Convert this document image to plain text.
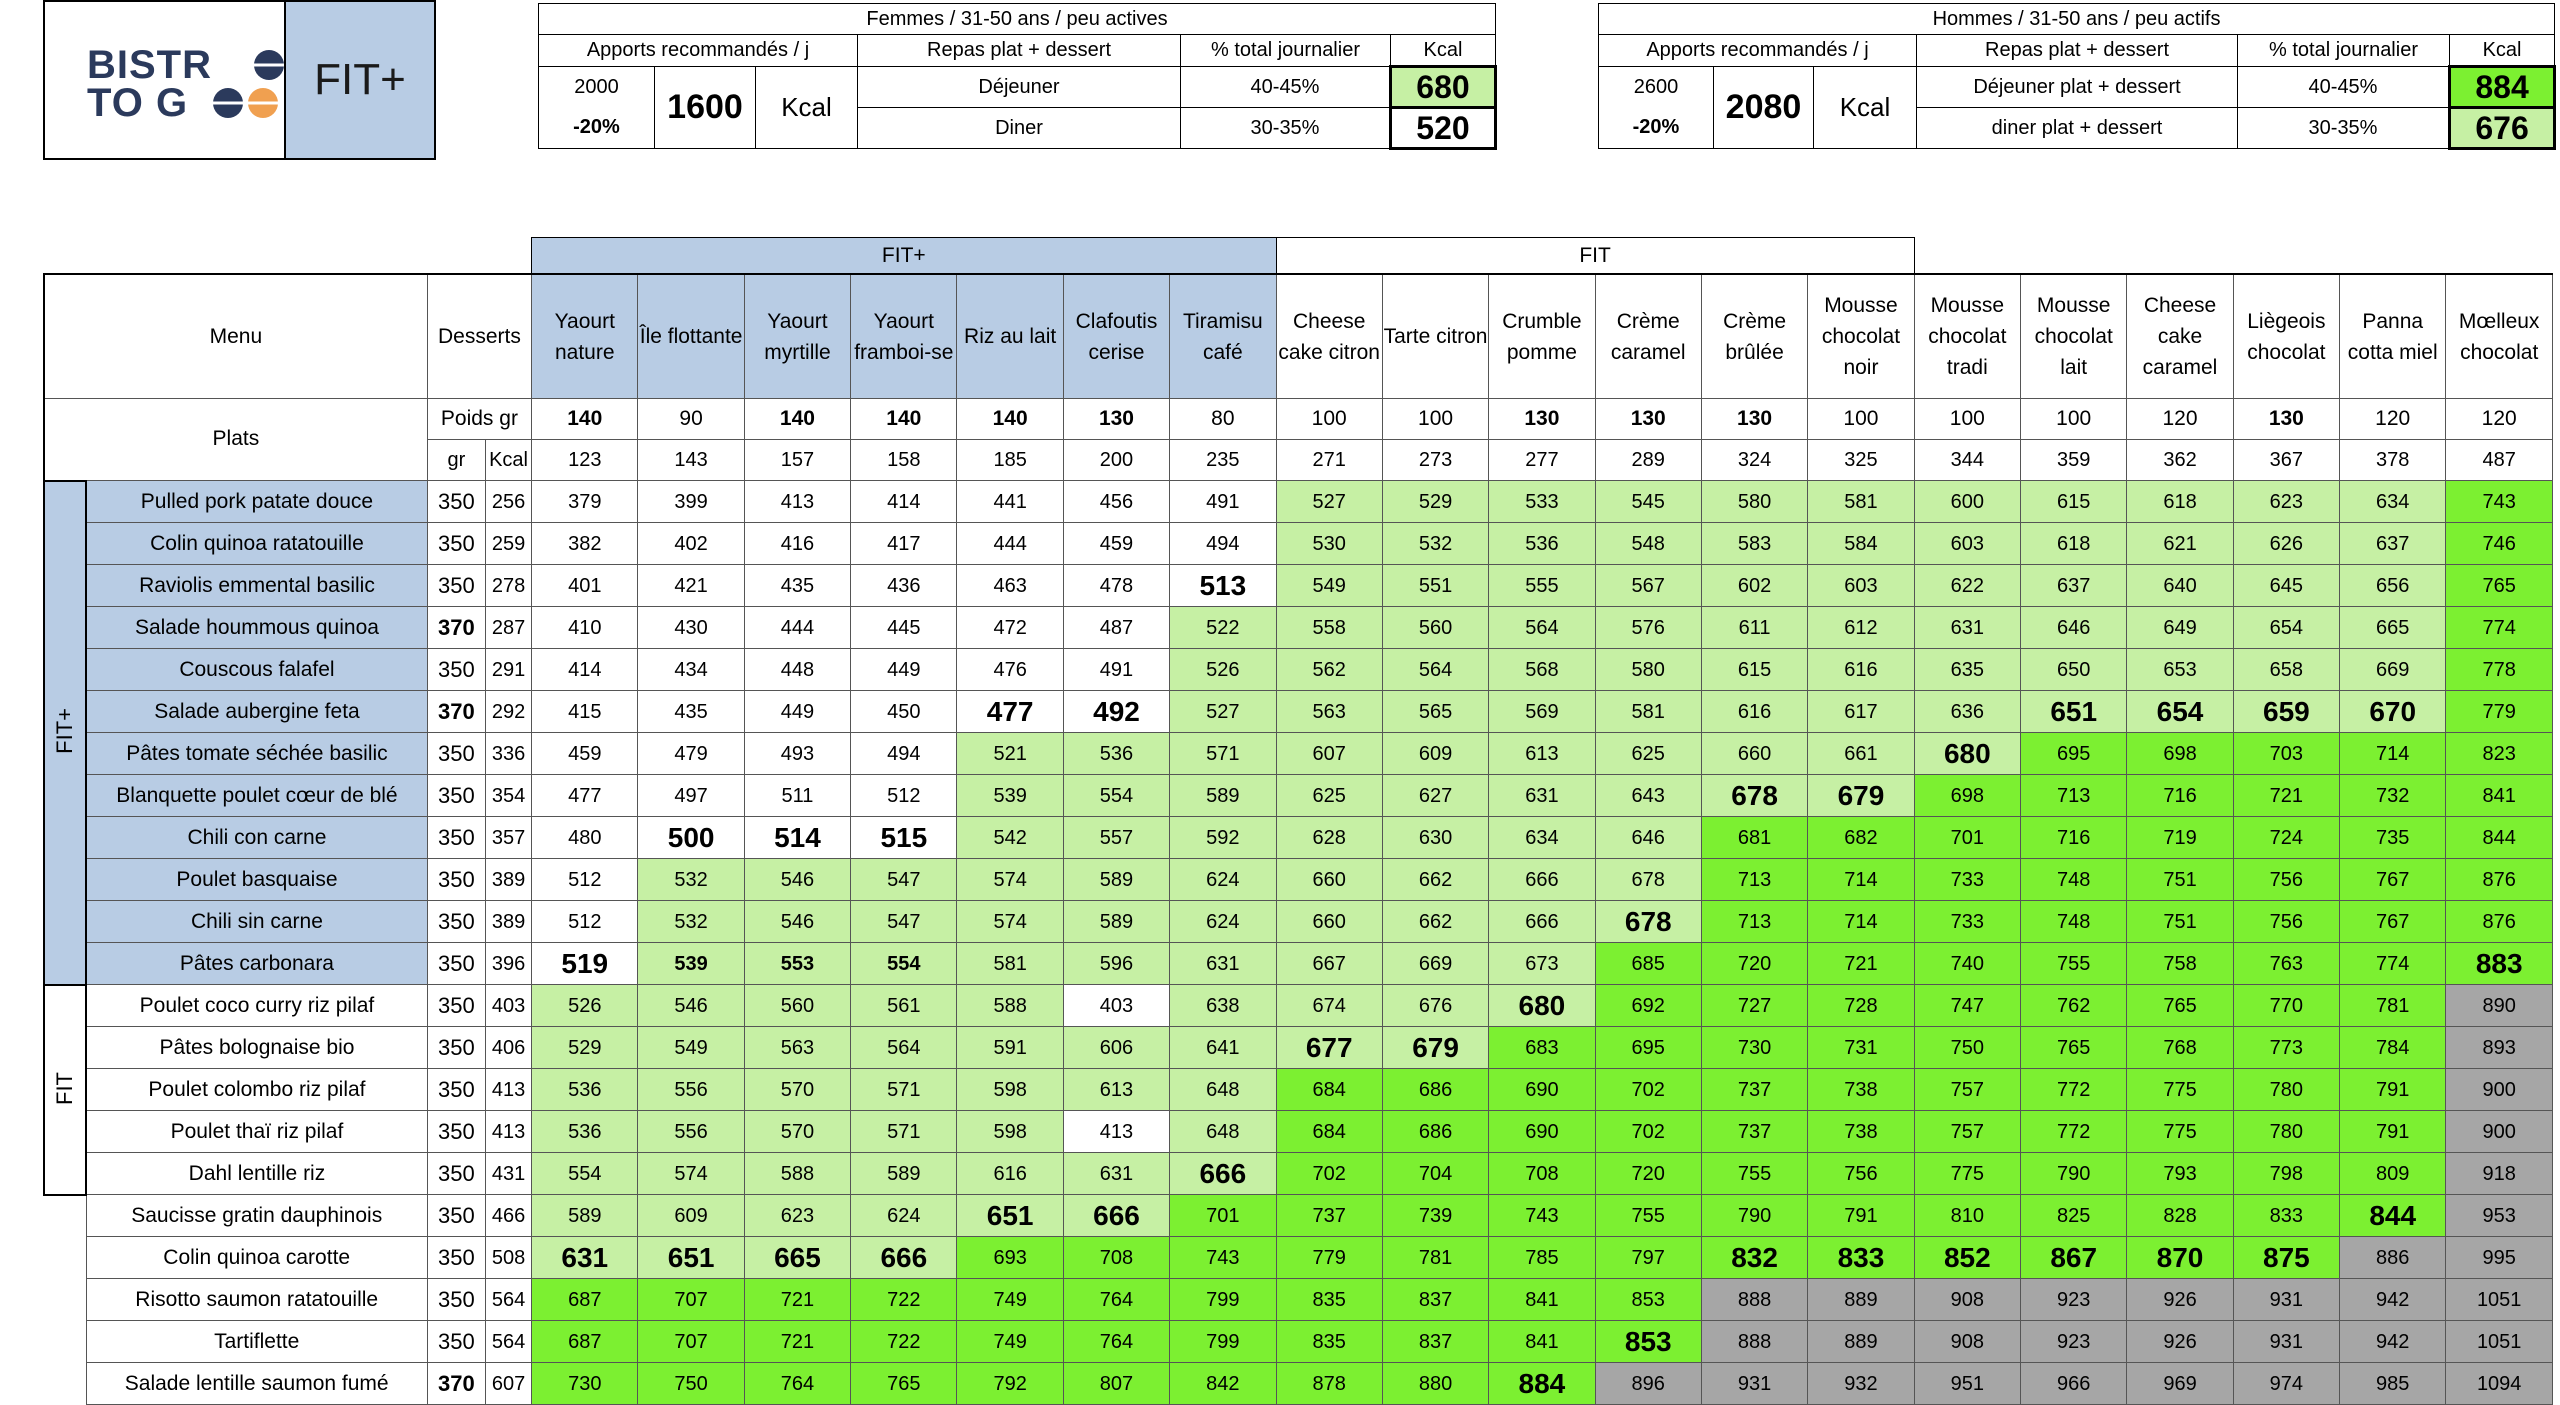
BISTR
TO G	FIT+
Femmes / 31-50 ans / peu actives					
Apports recommandés / j			Repas plat + dessert	% total journalier	Kcal
2000	1600	Kcal	Déjeuner	40-45%	680
-20%			Diner	30-35%	520
Hommes / 31-50 ans / peu actifs					
Apports recommandés / j			Repas plat + dessert	% total journalier	Kcal
2600	2080	Kcal	Déjeuner plat + dessert	40-45%	884
-20%			diner plat + dessert	30-35%	676
				FIT+							FIT											
Menu		Desserts		Yaourt nature	Île flottante	Yaourt myrtille	Yaourt framboi-se	Riz au lait	Clafoutis cerise	Tiramisu café	Cheese cake citron	Tarte citron	Crumble pomme	Crème caramel	Crème brûlée	Mousse chocolat noir	Mousse chocolat tradi	Mousse chocolat lait	Cheese cake caramel	Liègeois chocolat	Panna cotta miel	Mœlleux chocolat
Plats		Poids gr		140	90	140	140	140	130	80	100	100	130	130	130	100	100	100	120	130	120	120
		gr	Kcal	123	143	157	158	185	200	235	271	273	277	289	324	325	344	359	362	367	378	487
FIT+	Pulled pork patate douce	350	256	379	399	413	414	441	456	491	527	529	533	545	580	581	600	615	618	623	634	743
	Colin quinoa ratatouille	350	259	382	402	416	417	444	459	494	530	532	536	548	583	584	603	618	621	626	637	746
	Raviolis emmental basilic	350	278	401	421	435	436	463	478	513	549	551	555	567	602	603	622	637	640	645	656	765
	Salade hoummous quinoa	370	287	410	430	444	445	472	487	522	558	560	564	576	611	612	631	646	649	654	665	774
	Couscous falafel	350	291	414	434	448	449	476	491	526	562	564	568	580	615	616	635	650	653	658	669	778
	Salade aubergine feta	370	292	415	435	449	450	477	492	527	563	565	569	581	616	617	636	651	654	659	670	779
	Pâtes tomate séchée basilic	350	336	459	479	493	494	521	536	571	607	609	613	625	660	661	680	695	698	703	714	823
	Blanquette poulet cœur de blé	350	354	477	497	511	512	539	554	589	625	627	631	643	678	679	698	713	716	721	732	841
	Chili con carne	350	357	480	500	514	515	542	557	592	628	630	634	646	681	682	701	716	719	724	735	844
	Poulet basquaise	350	389	512	532	546	547	574	589	624	660	662	666	678	713	714	733	748	751	756	767	876
	Chili sin carne	350	389	512	532	546	547	574	589	624	660	662	666	678	713	714	733	748	751	756	767	876
	Pâtes carbonara	350	396	519	539	553	554	581	596	631	667	669	673	685	720	721	740	755	758	763	774	883
FIT	Poulet coco curry riz pilaf	350	403	526	546	560	561	588	403	638	674	676	680	692	727	728	747	762	765	770	781	890
	Pâtes bolognaise bio	350	406	529	549	563	564	591	606	641	677	679	683	695	730	731	750	765	768	773	784	893
	Poulet colombo riz pilaf	350	413	536	556	570	571	598	613	648	684	686	690	702	737	738	757	772	775	780	791	900
	Poulet thaï riz pilaf	350	413	536	556	570	571	598	413	648	684	686	690	702	737	738	757	772	775	780	791	900
	Dahl lentille riz	350	431	554	574	588	589	616	631	666	702	704	708	720	755	756	775	790	793	798	809	918
	Saucisse gratin dauphinois	350	466	589	609	623	624	651	666	701	737	739	743	755	790	791	810	825	828	833	844	953
	Colin quinoa carotte	350	508	631	651	665	666	693	708	743	779	781	785	797	832	833	852	867	870	875	886	995
	Risotto saumon ratatouille	350	564	687	707	721	722	749	764	799	835	837	841	853	888	889	908	923	926	931	942	1051
	Tartiflette	350	564	687	707	721	722	749	764	799	835	837	841	853	888	889	908	923	926	931	942	1051
	Salade lentille saumon fumé	370	607	730	750	764	765	792	807	842	878	880	884	896	931	932	951	966	969	974	985	1094
